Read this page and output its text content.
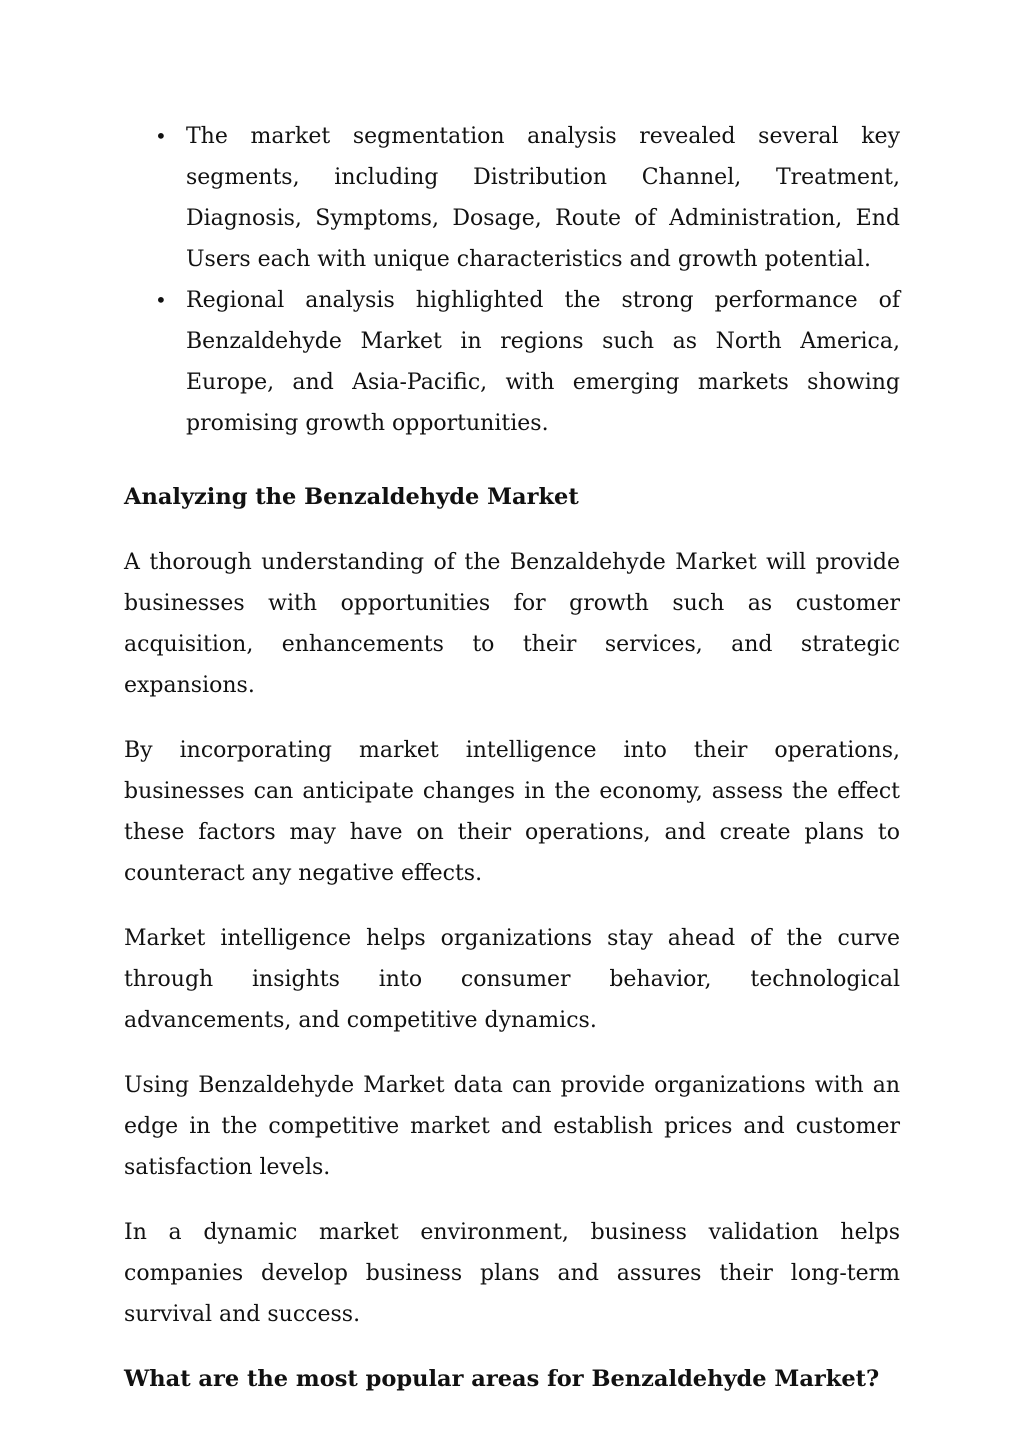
• The market segmentation analysis revealed several key segments, including Distribution Channel, Treatment, Diagnosis, Symptoms, Dosage, Route of Administration, End Users each with unique characteristics and growth potential.
• Regional analysis highlighted the strong performance of Benzaldehyde Market in regions such as North America, Europe, and Asia-Pacific, with emerging markets showing promising growth opportunities.
Analyzing the Benzaldehyde Market

A thorough understanding of the Benzaldehyde Market will provide businesses with opportunities for growth such as customer acquisition, enhancements to their services, and strategic expansions.

By incorporating market intelligence into their operations, businesses can anticipate changes in the economy, assess the effect these factors may have on their operations, and create plans to counteract any negative effects.

Market intelligence helps organizations stay ahead of the curve through insights into consumer behavior, technological advancements, and competitive dynamics.

Using Benzaldehyde Market data can provide organizations with an edge in the competitive market and establish prices and customer satisfaction levels.

In a dynamic market environment, business validation helps companies develop business plans and assures their long-term survival and success.

What are the most popular areas for Benzaldehyde Market?
